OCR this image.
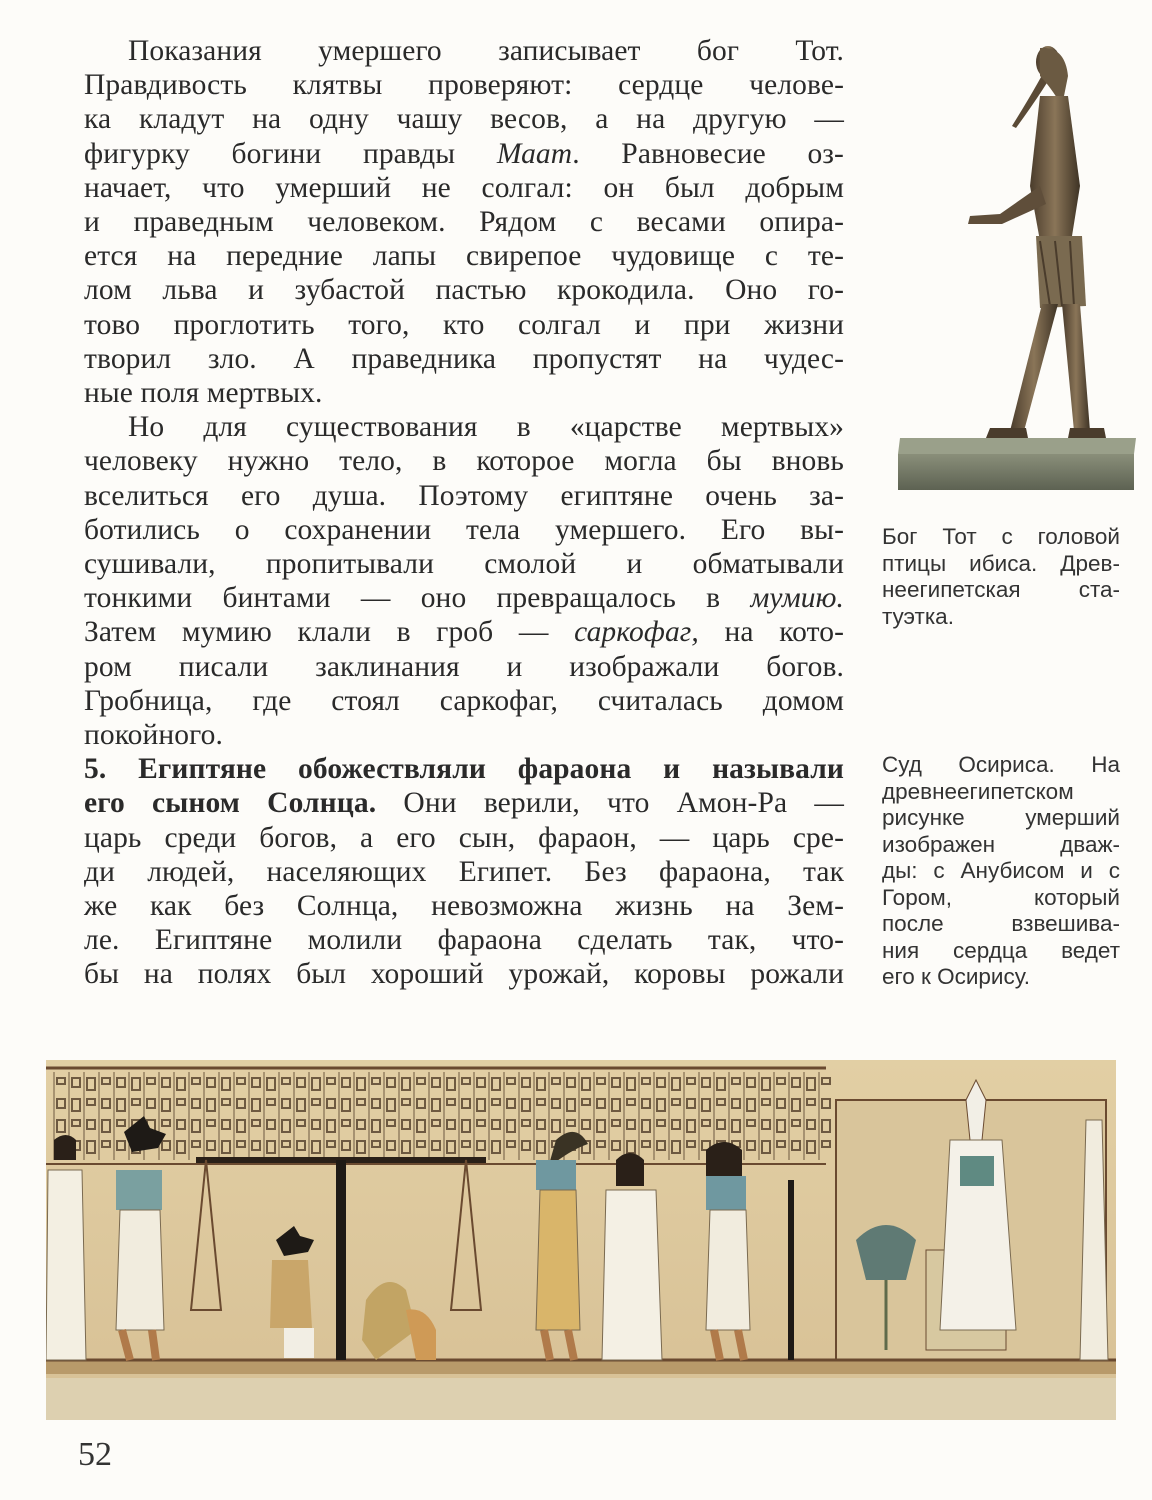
Показания умершего записывает бог Тот.
Правдивость клятвы проверяют: сердце челове-
ка кладут на одну чашу весов, а на другую —
фигурку богини правды Маат. Равновесие оз-
начает, что умерший не солгал: он был добрым
и праведным человеком. Рядом с весами опира-
ется на передние лапы свирепое чудовище с те-
лом льва и зубастой пастью крокодила. Оно го-
тово проглотить того, кто солгал и при жизни
творил зло. А праведника пропустят на чудес-
ные поля мертвых.

Но для существования в «царстве мертвых»
человеку нужно тело, в которое могла бы вновь
вселиться его душа. Поэтому египтяне очень за-
ботились о сохранении тела умершего. Его вы-
сушивали, пропитывали смолой и обматывали
тонкими бинтами — оно превращалось в мумию.
Затем мумию клали в гроб — саркофаг, на кото-
ром писали заклинания и изображали богов.
Гробница, где стоял саркофаг, считалась домом
покойного.

5. Египтяне обожествляли фараона и называли
его сыном Солнца. Они верили, что Амон-Ра —
царь среди богов, а его сын, фараон, — царь сре-
ди людей, населяющих Египет. Без фараона, так
же как без Солнца, невозможна жизнь на Зем-
ле. Египтяне молили фараона сделать так, что-
бы на полях был хороший урожай, коровы рожали

Бог Тот с головой
птицы ибиса. Древ-
неегипетская ста-
туэтка.
Суд Осириса. На
древнеегипетском
рисунке умерший
изображен дваж-
ды: с Анубисом и с
Гором, который
после взвешива-
ния сердца ведет
его к Осирису.
52
